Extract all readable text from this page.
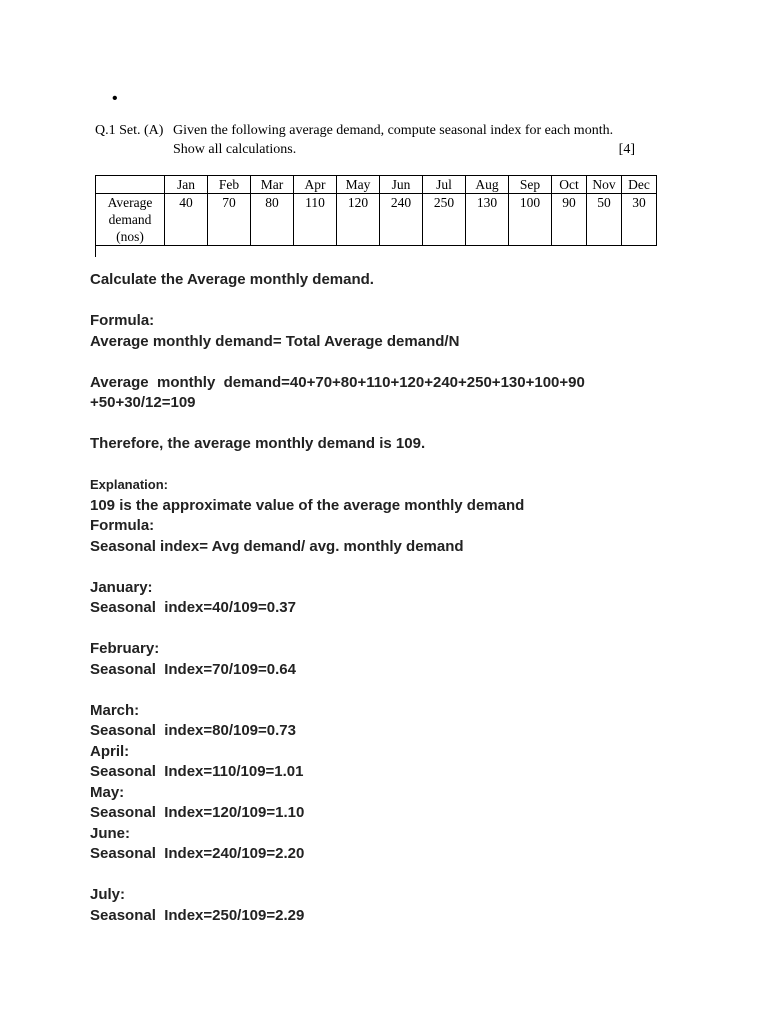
•
Q.1 Set. (A) Given the following average demand, compute seasonal index for each month.
Show all calculations.	[4]
	Jan	Feb	Mar	Apr	May	Jun	Jul	Aug	Sep	Oct	Nov	Dec
Average demand (nos)	40	70	80	110	120	240	250	130	100	90	50	30

Calculate the Average monthly demand.

Formula:

Average monthly demand= Total Average demand/N

Average  monthly  demand=40+70+80+110+120+240+250+130+100+90

+50+30/12=109

Therefore, the average monthly demand is 109.

Explanation:

109 is the approximate value of the average monthly demand

Formula:

Seasonal index= Avg demand/ avg. monthly demand

January:

Seasonal  index=40/109=0.37

February:

Seasonal  Index=70/109=0.64

March:

Seasonal  index=80/109=0.73

April:

Seasonal  Index=110/109=1.01

May:

Seasonal  Index=120/109=1.10

June:

Seasonal  Index=240/109=2.20

July:

Seasonal  Index=250/109=2.29
